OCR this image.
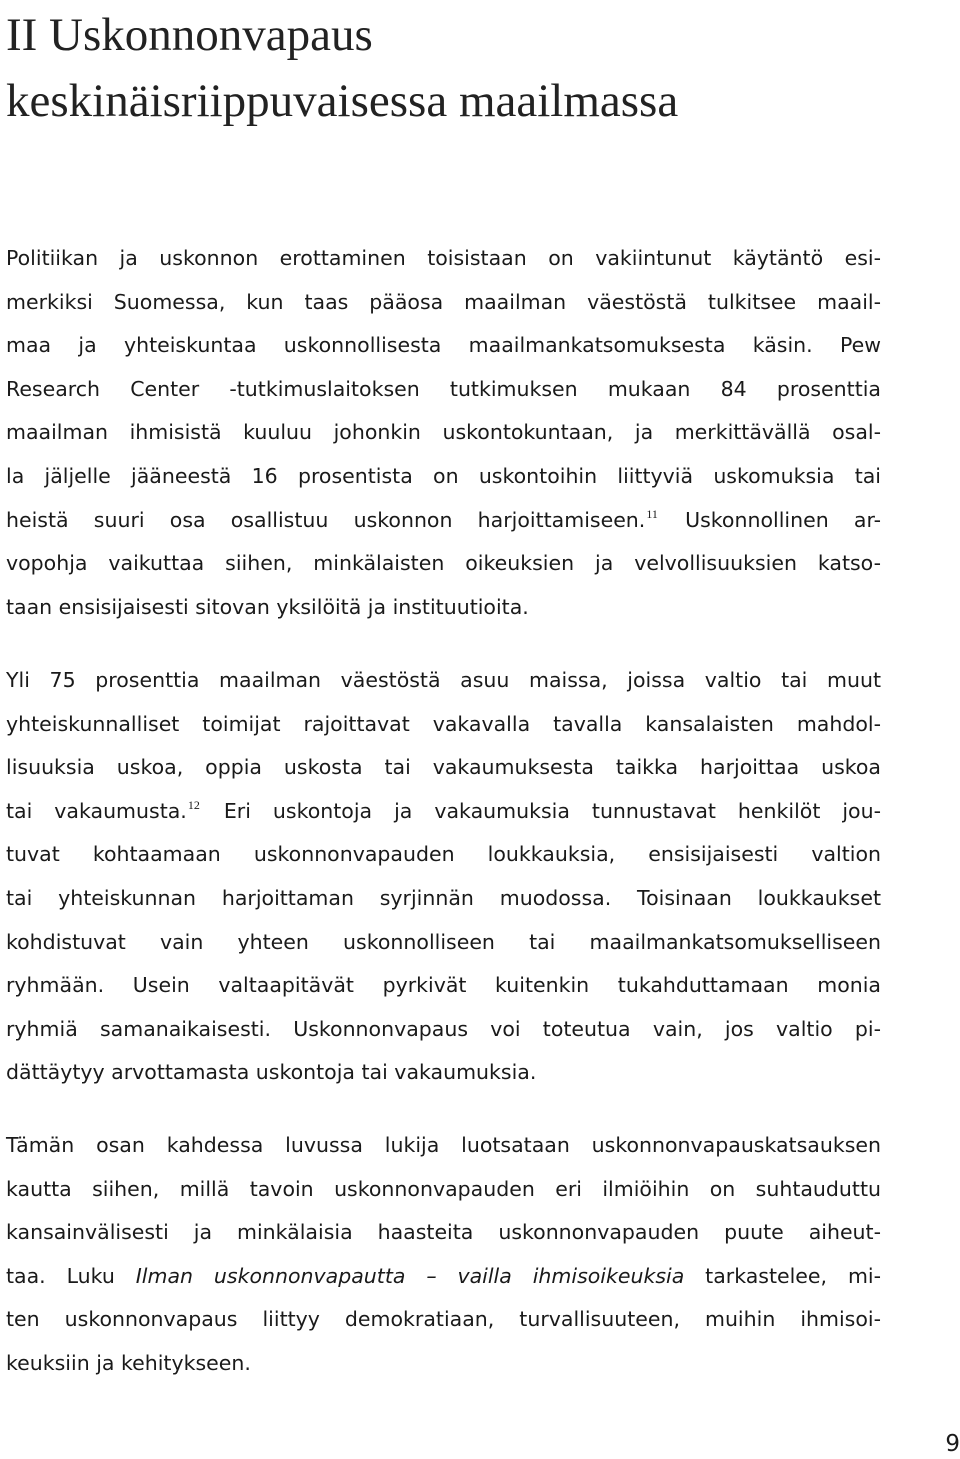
II Uskonnonvapaus
keskinäisriippuvaisessa maailmassa

Politiikan ja uskonnon erottaminen toisistaan on vakiintunut käytäntö esi-
merkiksi Suomessa, kun taas pääosa maailman väestöstä tulkitsee maail-
maa ja yhteiskuntaa uskonnollisesta maailmankatsomuksesta käsin. Pew
Research Center -tutkimuslaitoksen tutkimuksen mukaan 84 prosenttia
maailman ihmisistä kuuluu johonkin uskontokuntaan, ja merkittävällä osal-
la jäljelle jääneestä 16 prosentista on uskontoihin liittyviä uskomuksia tai
heistä suuri osa osallistuu uskonnon harjoittamiseen.$^{11}$ Uskonnollinen ar-
vopohja vaikuttaa siihen, minkälaisten oikeuksien ja velvollisuuksien katso-
taan ensisijaisesti sitovan yksilöitä ja instituutioita.

Yli 75 prosenttia maailman väestöstä asuu maissa, joissa valtio tai muut
yhteiskunnalliset toimijat rajoittavat vakavalla tavalla kansalaisten mahdol-
lisuuksia uskoa, oppia uskosta tai vakaumuksesta taikka harjoittaa uskoa
tai vakaumusta.$^{12}$ Eri uskontoja ja vakaumuksia tunnustavat henkilöt jou-
tuvat kohtaamaan uskonnonvapauden loukkauksia, ensisijaisesti valtion
tai yhteiskunnan harjoittaman syrjinnän muodossa. Toisinaan loukkaukset
kohdistuvat vain yhteen uskonnolliseen tai maailmankatsomukselliseen
ryhmään. Usein valtaapitävät pyrkivät kuitenkin tukahduttamaan monia
ryhmiä samanaikaisesti. Uskonnonvapaus voi toteutua vain, jos valtio pi-
dättäytyy arvottamasta uskontoja tai vakaumuksia.

Tämän osan kahdessa luvussa lukija luotsataan uskonnonvapauskatsauksen
kautta siihen, millä tavoin uskonnonvapauden eri ilmiöihin on suhtauduttu
kansainvälisesti ja minkälaisia haasteita uskonnonvapauden puute aiheut-
taa. Luku Ilman uskonnonvapautta – vailla ihmisoikeuksia tarkastelee, mi-
ten uskonnonvapaus liittyy demokratiaan, turvallisuuteen, muihin ihmisoi-
keuksiin ja kehitykseen.

9
